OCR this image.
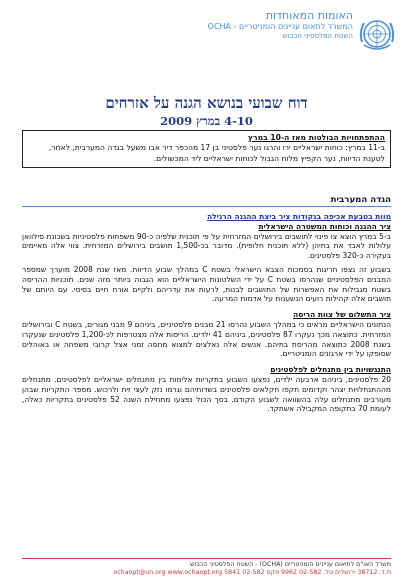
האומות המאוחדות
המשרד לתאום עניינים הומניטריים - OCHA
השטח הפלסטיני הכבוש
דוח שבועי בנושא הגנה על אזרחים
4-10 במרץ 2009
ההתפתחויות הבולטות מאז ה-10 במרץ
ב-11 במרץ: כוחות ישראליים ירו והרגו נער פלסטיני בן 17 מהכפר דיר אבו משעל בגדה המערבית, לאחר, לטענת הדיווח, נער הקפיץ מלוח הגבול לכוחות ישראליים ליד המכשולים.
הגדה המערבית

מוות בטבעת אכיפה בנקודות ציר ביצת ההגנה הרגילה

ציר ההגנה וכוחות המשטרה הישראלית

ב-5 במרץ הוצא צו פינוי לתושבים בירושלים המזרחית על פי תוכנית שלפיה כ-90 משפחות פלסטיניות בשכונת סילוואן עלולות לאבד את בתיהן (ללא תוכנית חלופית). מדובר בכ-1,500 תושבים בירושלים המזרחית. צווי אלה מאיימים בעקירה כ-320 פלסטינים.

בשבוע זה נצפו חריגות בסמכות הצבא הישראלי בשטח C במהלך שבוע הדיווח. מאז שנת 2008 מוערך שמספר המבנים הפלסטיניים שנהרסו בשטח C על ידי השלטונות הישראליים הוא הגבוה ביותר מזה שנים. תוכניות ההריסה בשטח מגבילות את האפשרות של התושבים לבנות, לרעות את עדריהם ולקיים אורח חיים בסיסי. עם היותם של תושבים אלה קהילות רועים הנשענות על אדמות המרעה.

ציר התשלום של צוות הריסה

הנתונים הישראליים מראים כי במהלך השבוע נהרסו 21 מבנים פלסטיניים, ביניהם 9 מבני מגורים, בשטח C ובירושלים המזרחית. כתוצאה מכך נעקרו 87 פלסטינים, ביניהם 41 ילדים. הריסות אלה מצטרפות לכ-1,200 פלסטינים שנעקרו בשנת 2008 כתוצאה מהריסת בתיהם. אנשים אלה נאלצים למצוא מחסה זמני אצל קרובי משפחה או באוהלים שסופקו על ידי ארגונים הומניטריים.

התנגשויות בין מתנחלים לפלסטינים

20 פלסטינים, ביניהם ארבעה ילדים, נפצעו השבוע בתקריות אלימות בין מתנחלים ישראליים לפלסטינים. מתנחלים מההתנחלויות יצהר וקדומים תקפו חקלאים פלסטינים בשדותיהם וגרמו נזק לעצי זית ולרכוש. מספר התקריות שבהן מעורבים מתנחלים עלה בהשוואה לשבוע הקודם. בסך הכול נפצעו מתחילת השנה 52 פלסטינים בתקריות כאלה, לעומת 70 בתקופה המקבילה אשתקד.

משרד האו"ם לתיאום עניינים הומניטריים (OCHA) - השטח הפלסטיני הכבוש
ת.ד. 38712 ירושלים טל. 02-582 9962 פקס 02-582 5841 ochaopt@un.org www.ochaopt.org
